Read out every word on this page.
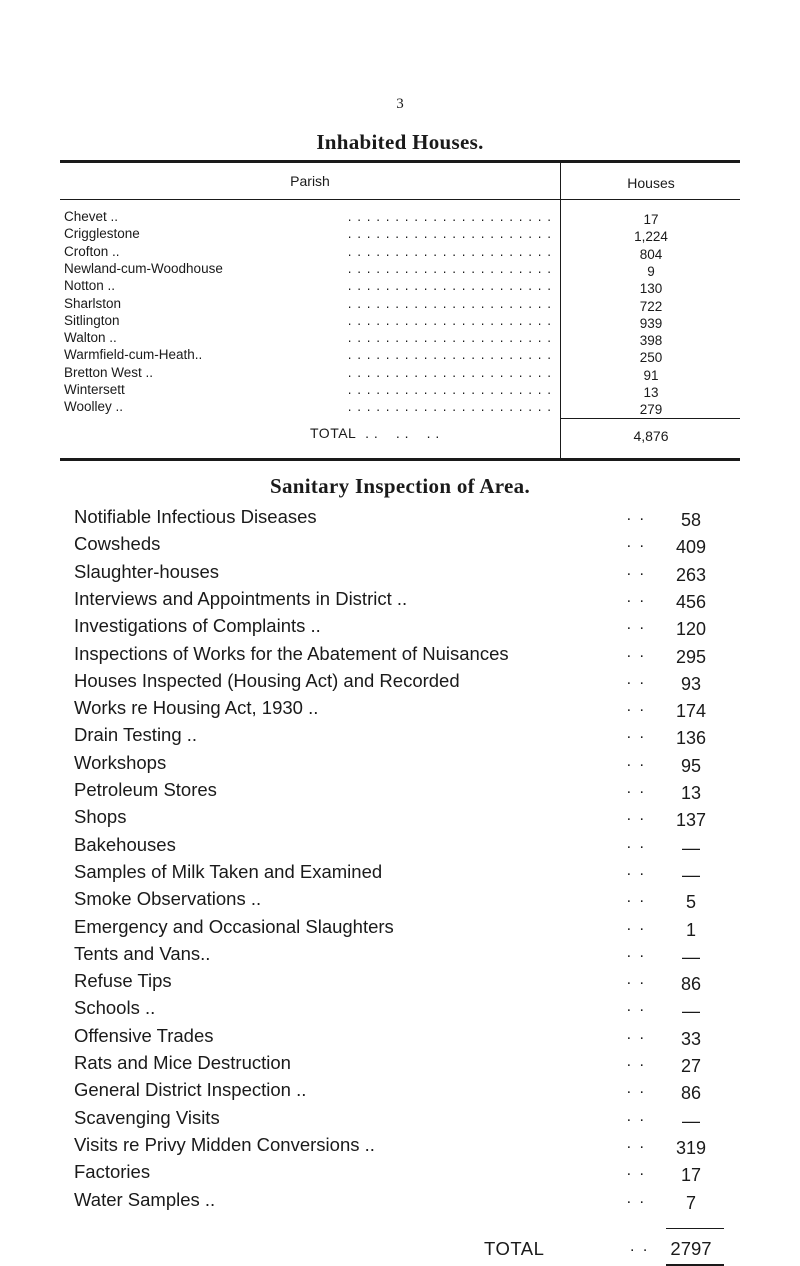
3
Inhabited Houses.
Parish	Houses
Chevet ..	. . . . . . . . . . . . . . . . . . . . . .	17
Crigglestone	. . . . . . . . . . . . . . . . . . . . . .	1,224
Crofton ..	. . . . . . . . . . . . . . . . . . . . . .	804
Newland-cum-Woodhouse	. . . . . . . . . . . . . . . . . . . . . .	9
Notton ..	. . . . . . . . . . . . . . . . . . . . . .	130
Sharlston	. . . . . . . . . . . . . . . . . . . . . .	722
Sitlington	. . . . . . . . . . . . . . . . . . . . . .	939
Walton ..	. . . . . . . . . . . . . . . . . . . . . .	398
Warmfield-cum-Heath..	. . . . . . . . . . . . . . . . . . . . . .	250
Bretton West ..	. . . . . . . . . . . . . . . . . . . . . .	91
Wintersett	. . . . . . . . . . . . . . . . . . . . . .	13
Woolley ..	. . . . . . . . . . . . . . . . . . . . . .	279
TOTAL  . .    . .    . .	4,876
Sanitary Inspection of Area.
Notifiable Infectious Diseases	. .	58
Cowsheds	. .	409
Slaughter-houses	. .	263
Interviews and Appointments in District ..	. .	456
Investigations of Complaints ..	. .	120
Inspections of Works for the Abatement of Nuisances	. .	295
Houses Inspected (Housing Act) and Recorded	. .	93
Works re Housing Act, 1930 ..	. .	174
Drain Testing ..	. .	136
Workshops	. .	95
Petroleum Stores	. .	13
Shops	. .	137
Bakehouses	. .	—
Samples of Milk Taken and Examined	. .	—
Smoke Observations ..	. .	5
Emergency and Occasional Slaughters	. .	1
Tents and Vans..	. .	—
Refuse Tips	. .	86
Schools ..	. .	—
Offensive Trades	. .	33
Rats and Mice Destruction	. .	27
General District Inspection ..	. .	86
Scavenging Visits	. .	—
Visits re Privy Midden Conversions ..	. .	319
Factories	. .	17
Water Samples ..	. .	7
TOTAL	. .	2797
